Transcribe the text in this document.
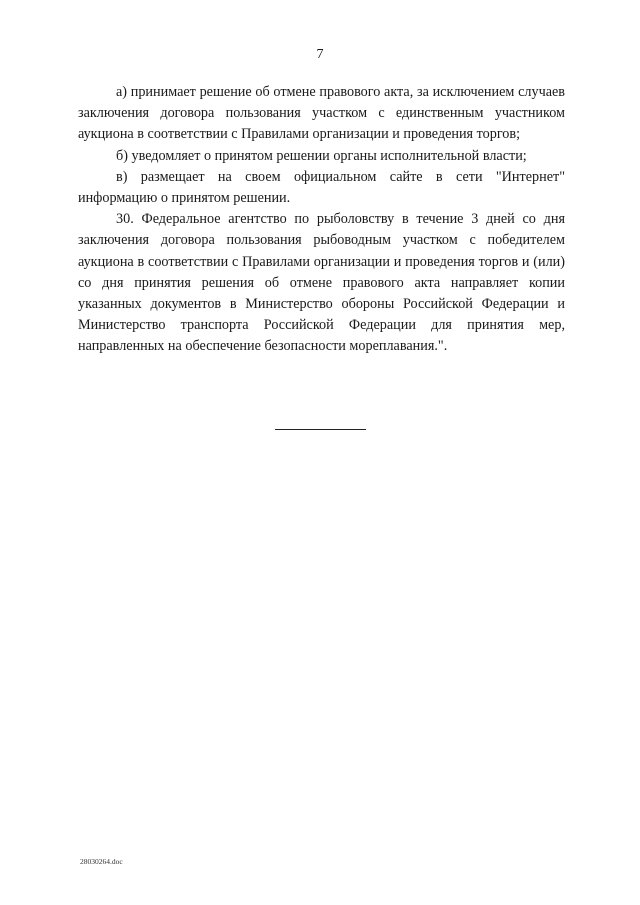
7

а) принимает решение об отмене правового акта, за исключением случаев заключения договора пользования участком с единственным участником аукциона в соответствии с Правилами организации и проведения торгов;

б) уведомляет о принятом решении органы исполнительной власти;

в) размещает на своем официальном сайте в сети "Интернет" информацию о принятом решении.

30. Федеральное агентство по рыболовству в течение 3 дней со дня заключения договора пользования рыбоводным участком с победителем аукциона в соответствии с Правилами организации и проведения торгов и (или) со дня принятия решения об отмене правового акта направляет копии указанных документов в Министерство обороны Российской Федерации и Министерство транспорта Российской Федерации для принятия мер, направленных на обеспечение безопасности мореплавания.".

28030264.doc
